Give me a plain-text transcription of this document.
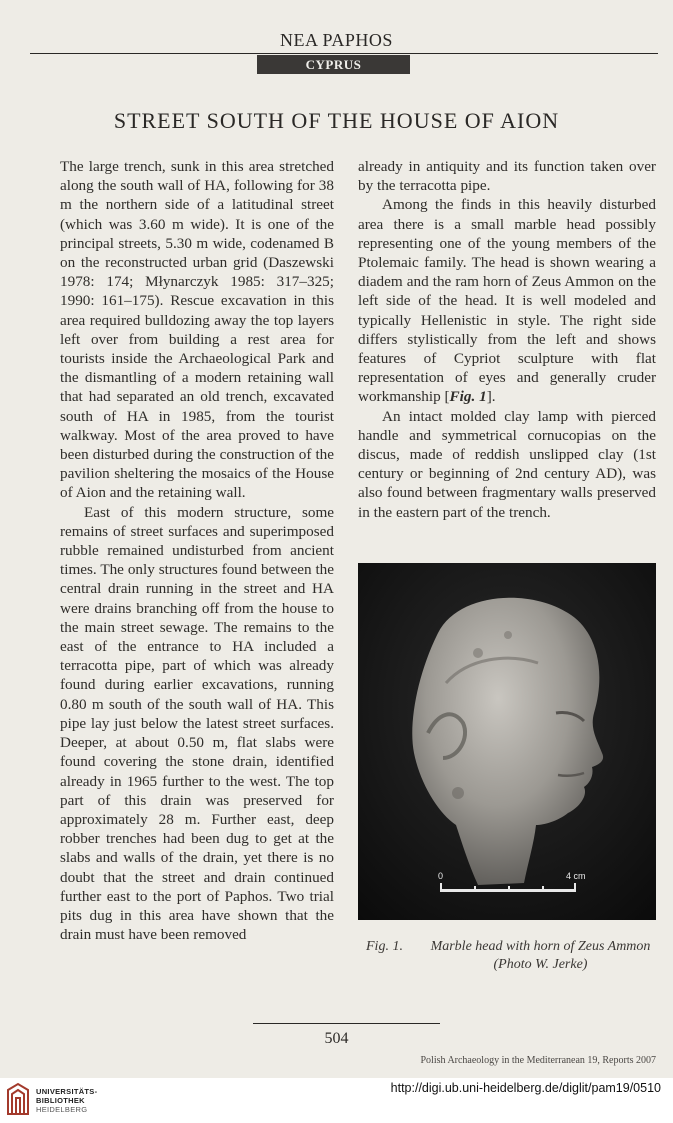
NEA PAPHOS
CYPRUS
STREET SOUTH OF THE HOUSE OF AION

The large trench, sunk in this area stretched along the south wall of HA, following for 38 m the northern side of a latitudinal street (which was 3.60 m wide). It is one of the principal streets, 5.30 m wide, codenamed B on the reconstructed urban grid (Daszewski 1978: 174; Młynarczyk 1985: 317–325; 1990: 161–175). Rescue excavation in this area required bulldozing away the top layers left over from building a rest area for tourists inside the Archaeological Park and the dismantling of a modern retaining wall that had separated an old trench, excavated south of HA in 1985, from the tourist walkway. Most of the area proved to have been disturbed during the construction of the pavilion sheltering the mosaics of the House of Aion and the retaining wall.

East of this modern structure, some remains of street surfaces and superimposed rubble remained undisturbed from ancient times. The only structures found between the central drain running in the street and HA were drains branching off from the house to the main street sewage. The remains to the east of the entrance to HA included a terracotta pipe, part of which was already found during earlier excavations, running 0.80 m south of the south wall of HA. This pipe lay just below the latest street surfaces. Deeper, at about 0.50 m, flat slabs were found covering the stone drain, identified already in 1965 further to the west. The top part of this drain was preserved for approximately 28 m. Further east, deep robber trenches had been dug to get at the slabs and walls of the drain, yet there is no doubt that the street and drain continued further east to the port of Paphos. Two trial pits dug in this area have shown that the drain must have been removed

already in antiquity and its function taken over by the terracotta pipe.

Among the finds in this heavily disturbed area there is a small marble head possibly representing one of the young members of the Ptolemaic family. The head is shown wearing a diadem and the ram horn of Zeus Ammon on the left side of the head. It is well modeled and typically Hellenistic in style. The right side differs stylistically from the left and shows features of Cypriot sculpture with flat representation of eyes and generally cruder workmanship [Fig. 1].

An intact molded clay lamp with pierced handle and symmetrical cornucopias on the discus, made of reddish unslipped clay (1st century or beginning of 2nd century AD), was also found between fragmentary walls preserved in the eastern part of the trench.

0	4 cm
Fig. 1.	Marble head with horn of Zeus Ammon
(Photo W. Jerke)
504
Polish Archaeology in the Mediterranean 19, Reports 2007
UNIVERSITÄTS-
BIBLIOTHEK
HEIDELBERG
http://digi.ub.uni-heidelberg.de/diglit/pam19/0510
